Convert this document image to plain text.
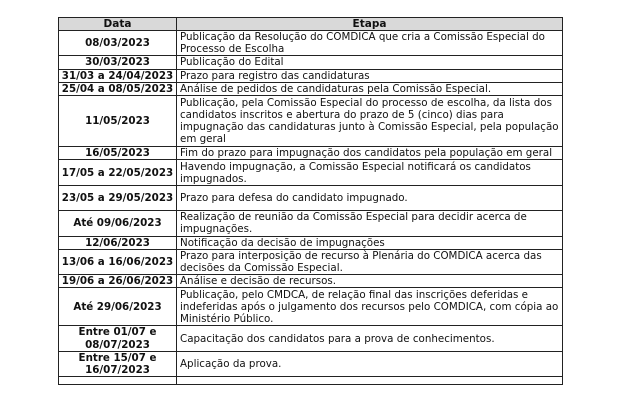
Data	Etapa
08/03/2023	Publicação da Resolução do COMDICA que cria a Comissão Especial do Processo de Escolha
30/03/2023	Publicação do Edital
31/03 a 24/04/2023	Prazo para registro das candidaturas
25/04 a 08/05/2023	Análise de pedidos de candidaturas pela Comissão Especial.
11/05/2023	Publicação, pela Comissão Especial do processo de escolha, da lista dos candidatos inscritos e abertura do prazo de 5 (cinco) dias para impugnação das candidaturas junto à Comissão Especial, pela população em geral
16/05/2023	Fim do prazo para impugnação dos candidatos pela população em geral
17/05 a 22/05/2023	Havendo impugnação, a Comissão Especial notificará os candidatos impugnados.
23/05 a 29/05/2023	Prazo para defesa do candidato impugnado.
Até 09/06/2023	Realização de reunião da Comissão Especial para decidir acerca de impugnações.
12/06/2023	Notificação da decisão de impugnações
13/06 a 16/06/2023	Prazo para interposição de recurso à Plenária do COMDICA acerca das decisões da Comissão Especial.
19/06 a 26/06/2023	Análise e decisão de recursos.
Até 29/06/2023	Publicação, pelo CMDCA, de relação final das inscrições deferidas e indeferidas após o julgamento dos recursos pelo COMDICA, com cópia ao Ministério Público.
Entre 01/07 e 08/07/2023	Capacitação dos candidatos para a prova de conhecimentos.
Entre 15/07 e 16/07/2023	Aplicação da prova.
